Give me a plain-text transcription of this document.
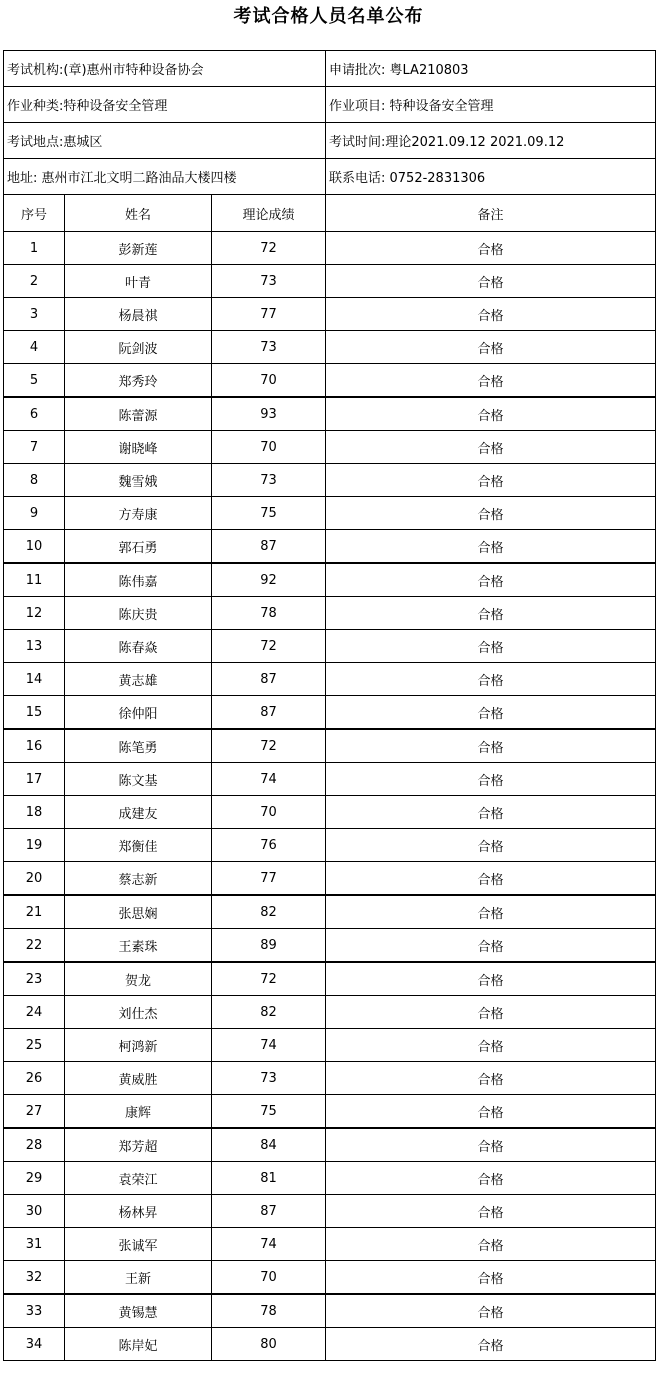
考试合格人员名单公布
考试机构:(章)惠州市特种设备协会			申请批次: 粤LA210803
作业种类:特种设备安全管理			作业项目: 特种设备安全管理
考试地点:惠城区			考试时间:理论2021.09.12 2021.09.12
地址: 惠州市江北文明二路油品大楼四楼			联系电话: 0752-2831306
序号	姓名	理论成绩	备注
1	彭新莲	72	合格
2	叶青	73	合格
3	杨晨祺	77	合格
4	阮剑波	73	合格
5	郑秀玲	70	合格
6	陈蕾源	93	合格
7	谢晓峰	70	合格
8	魏雪娥	73	合格
9	方寿康	75	合格
10	郭石勇	87	合格
11	陈伟嘉	92	合格
12	陈庆贵	78	合格
13	陈春焱	72	合格
14	黄志雄	87	合格
15	徐仲阳	87	合格
16	陈笔勇	72	合格
17	陈文基	74	合格
18	成建友	70	合格
19	郑衡佳	76	合格
20	蔡志新	77	合格
21	张思娴	82	合格
22	王素珠	89	合格
23	贺龙	72	合格
24	刘仕杰	82	合格
25	柯鸿新	74	合格
26	黄威胜	73	合格
27	康辉	75	合格
28	郑芳超	84	合格
29	袁荣江	81	合格
30	杨林昇	87	合格
31	张诚军	74	合格
32	王新	70	合格
33	黄锡慧	78	合格
34	陈岸妃	80	合格
